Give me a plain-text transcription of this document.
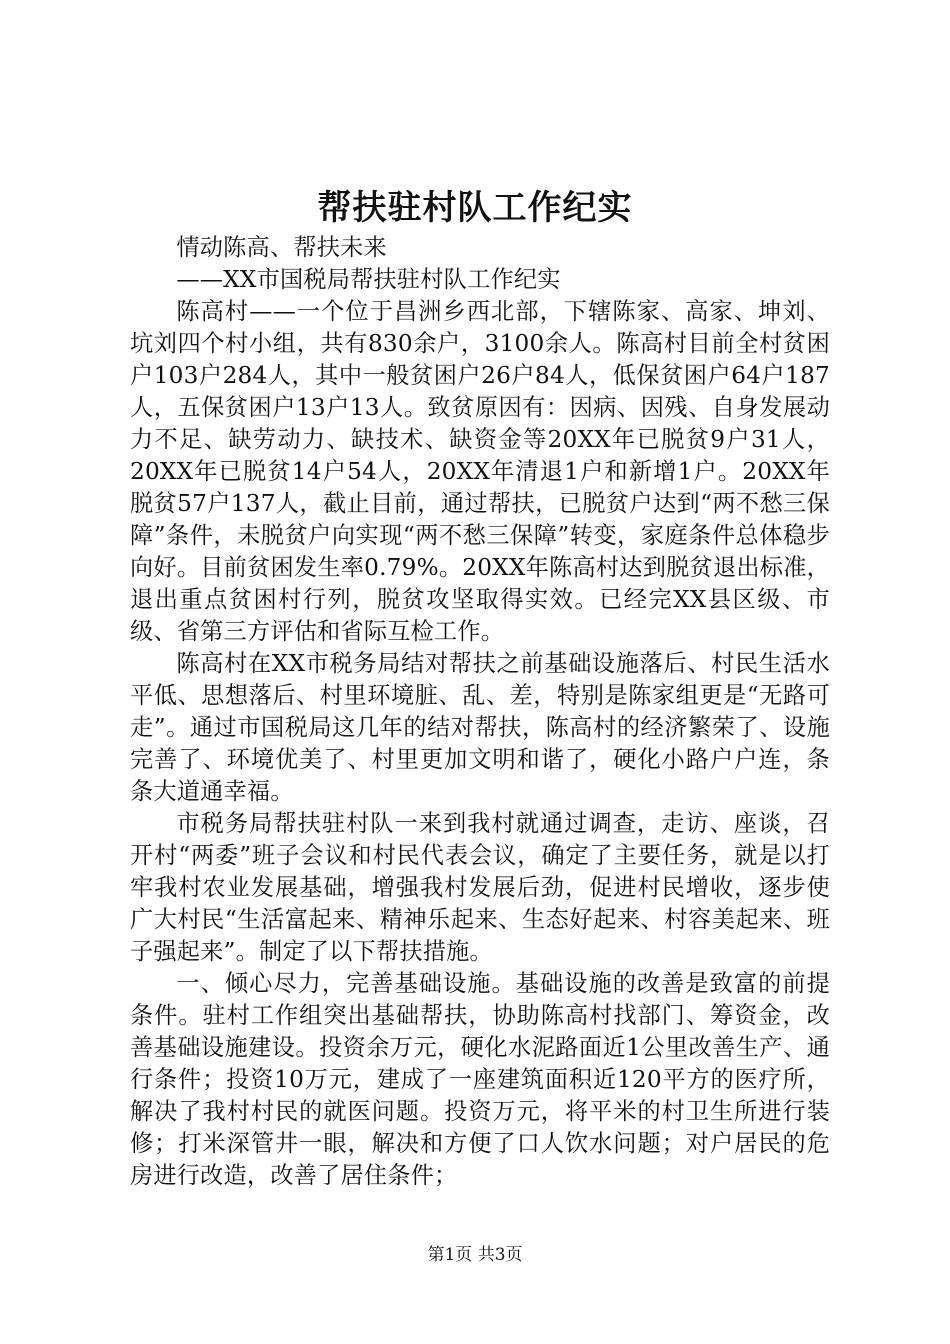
帮扶驻村队工作纪实

情动陈高、帮扶未来

——XX市国税局帮扶驻村队工作纪实

陈高村——一个位于昌洲乡西北部，下辖陈家、高家、坤刘、坑刘四个村小组，共有830余户，3100余人。陈高村目前全村贫困户103户284人，其中一般贫困户26户84人，低保贫困户64户187人，五保贫困户13户13人。致贫原因有：因病、因残、自身发展动力不足、缺劳动力、缺技术、缺资金等20XX年已脱贫9户31人，20XX年已脱贫14户54人，20XX年清退1户和新增1户。20XX年脱贫57户137人，截止目前，通过帮扶，已脱贫户达到“两不愁三保障”条件，未脱贫户向实现“两不愁三保障”转变，家庭条件总体稳步向好。目前贫困发生率0.79%。20XX年陈高村达到脱贫退出标准，退出重点贫困村行列，脱贫攻坚取得实效。已经完XX县区级、市级、省第三方评估和省际互检工作。

陈高村在XX市税务局结对帮扶之前基础设施落后、村民生活水平低、思想落后、村里环境脏、乱、差，特别是陈家组更是“无路可走”。通过市国税局这几年的结对帮扶，陈高村的经济繁荣了、设施完善了、环境优美了、村里更加文明和谐了，硬化小路户户连，条条大道通幸福。

市税务局帮扶驻村队一来到我村就通过调查，走访、座谈，召开村“两委”班子会议和村民代表会议，确定了主要任务，就是以打牢我村农业发展基础，增强我村发展后劲，促进村民增收，逐步使广大村民“生活富起来、精神乐起来、生态好起来、村容美起来、班子强起来”。制定了以下帮扶措施。

一、倾心尽力，完善基础设施。基础设施的改善是致富的前提条件。驻村工作组突出基础帮扶，协助陈高村找部门、筹资金，改善基础设施建设。投资余万元，硬化水泥路面近1公里改善生产、通行条件；投资10万元，建成了一座建筑面积近120平方的医疗所，解决了我村村民的就医问题。投资万元，将平米的村卫生所进行装修；打米深管井一眼，解决和方便了口人饮水问题；对户居民的危房进行改造，改善了居住条件；

第1页 共3页
